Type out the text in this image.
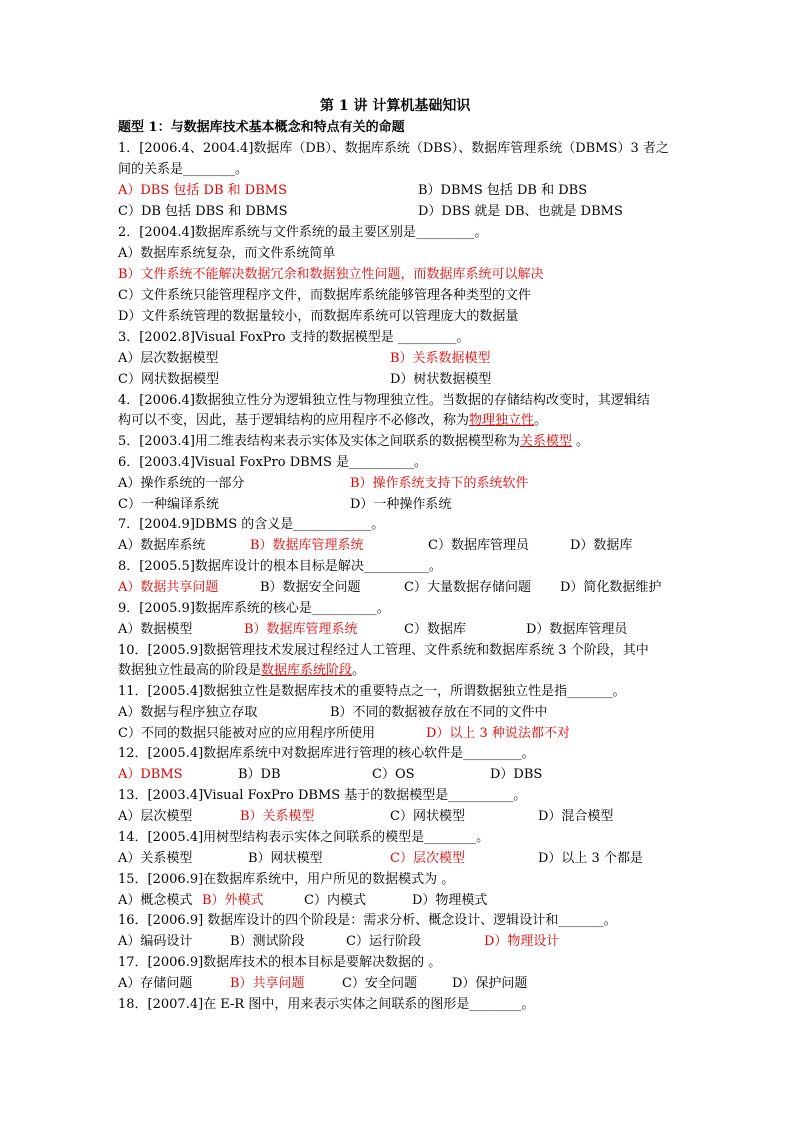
第 1 讲 计算机基础知识
题型 1：与数据库技术基本概念和特点有关的命题
1．[2006.4、2004.4]数据库（DB）、数据库系统（DBS）、数据库管理系统（DBMS）3 者之
间的关系是________。
A）DBS 包括 DB 和 DBMS	B）DBMS 包括 DB 和 DBS
C）DB 包括 DBS 和 DBMS	D）DBS 就是 DB、也就是 DBMS
2．[2004.4]数据库系统与文件系统的最主要区别是_________。
A）数据库系统复杂，而文件系统简单
B）文件系统不能解决数据冗余和数据独立性问题，而数据库系统可以解决
C）文件系统只能管理程序文件，而数据库系统能够管理各种类型的文件
D）文件系统管理的数据量较小，而数据库系统可以管理庞大的数据量
3．[2002.8]Visual FoxPro 支持的数据模型是 _________。
A）层次数据模型	B）关系数据模型
C）网状数据模型	D）树状数据模型
4．[2006.4]数据独立性分为逻辑独立性与物理独立性。当数据的存储结构改变时，其逻辑结
构可以不变，因此，基于逻辑结构的应用程序不必修改，称为物理独立性。
5．[2003.4]用二维表结构来表示实体及实体之间联系的数据模型称为关系模型 。
6．[2003.4]Visual FoxPro DBMS 是__________。
A）操作系统的一部分	B）操作系统支持下的系统软件
C）一种编译系统	D）一种操作系统
7．[2004.9]DBMS 的含义是____________。
A）数据库系统	B）数据库管理系统	C）数据库管理员	D）数据库
8．[2005.5]数据库设计的根本目标是解决__________。
A）数据共享问题	B）数据安全问题	C）大量数据存储问题 D）简化数据维护
9．[2005.9]数据库系统的核心是__________。
A）数据模型	B）数据库管理系统	C）数据库	D）数据库管理员
10．[2005.9]数据管理技术发展过程经过人工管理、文件系统和数据库系统 3 个阶段，其中
数据独立性最高的阶段是数据库系统阶段。
11．[2005.4]数据独立性是数据库技术的重要特点之一，所谓数据独立性是指_______。
A）数据与程序独立存取	B）不同的数据被存放在不同的文件中
C）不同的数据只能被对应的应用程序所使用	D）以上 3 种说法都不对
12．[2005.4]数据库系统中对数据库进行管理的核心软件是_________。
A）DBMS	B）DB	C）OS	D）DBS
13．[2003.4]Visual FoxPro DBMS 基于的数据模型是__________。
A）层次模型	B）关系模型	C）网状模型	D）混合模型
14．[2005.4]用树型结构表示实体之间联系的模型是________。
A）关系模型	B）网状模型	C）层次模型	D）以上 3 个都是
15．[2006.9]在数据库系统中，用户所见的数据模式为 。
A）概念模式 B）外模式	C）内模式	D）物理模式
16．[2006.9] 数据库设计的四个阶段是：需求分析、概念设计、逻辑设计和_______。
A）编码设计	B）测试阶段	C）运行阶段	D）物理设计
17．[2006.9]数据库技术的根本目标是要解决数据的 。
A）存储问题	B）共享问题	C）安全问题	D）保护问题
18．[2007.4]在 E-R 图中，用来表示实体之间联系的图形是________。
